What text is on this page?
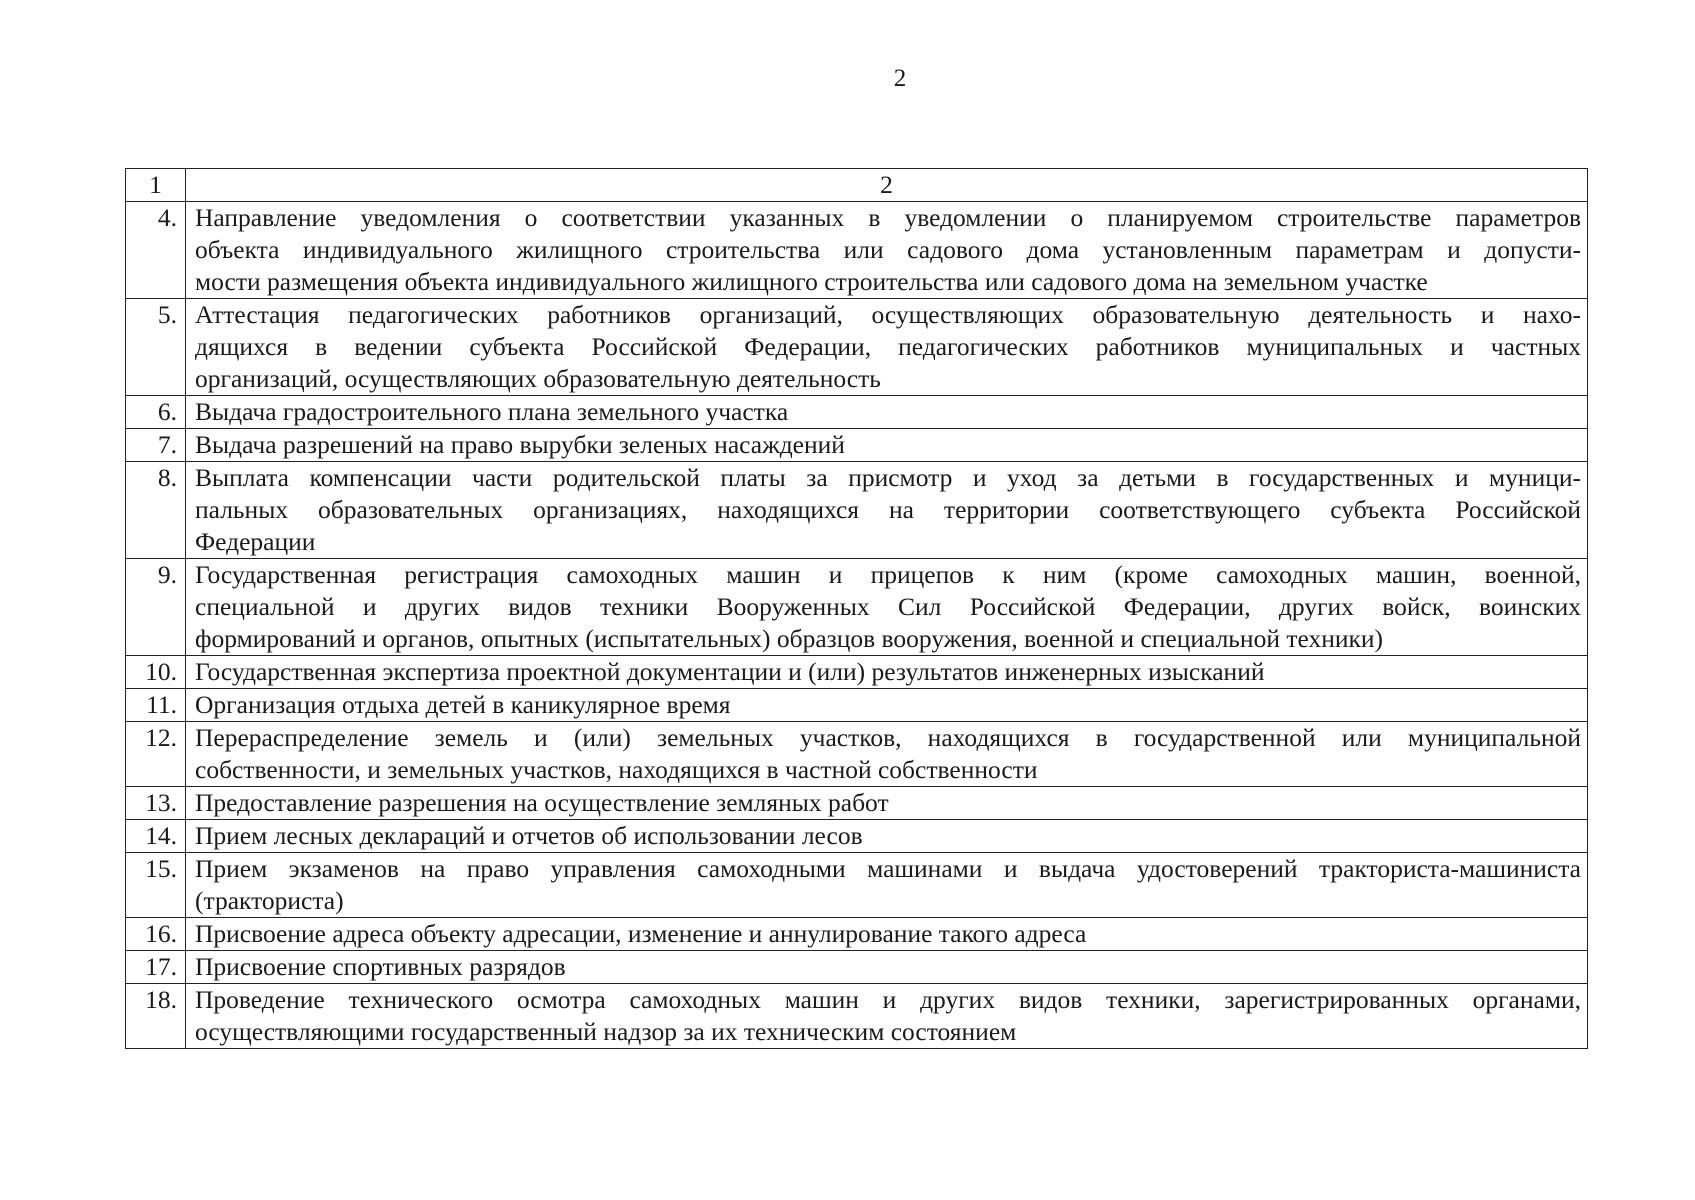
2
1	2
4.	Направление уведомления о соответствии указанных в уведомлении о планируемом строительстве параметров
объекта индивидуального жилищного строительства или садового дома установленным параметрам и допусти-
мости размещения объекта индивидуального жилищного строительства или садового дома на земельном участке

5.	Аттестация педагогических работников организаций, осуществляющих образовательную деятельность и нахо-
дящихся в ведении субъекта Российской Федерации, педагогических работников муниципальных и частных
организаций, осуществляющих образовательную деятельность

6.	Выдача градостроительного плана земельного участка

7.	Выдача разрешений на право вырубки зеленых насаждений

8.	Выплата компенсации части родительской платы за присмотр и уход за детьми в государственных и муници-
пальных образовательных организациях, находящихся на территории соответствующего субъекта Российской
Федерации

9.	Государственная регистрация самоходных машин и прицепов к ним (кроме самоходных машин, военной,
специальной и других видов техники Вооруженных Сил Российской Федерации, других войск, воинских
формирований и органов, опытных (испытательных) образцов вооружения, военной и специальной техники)

10.	Государственная экспертиза проектной документации и (или) результатов инженерных изысканий

11.	Организация отдыха детей в каникулярное время

12.	Перераспределение земель и (или) земельных участков, находящихся в государственной или муниципальной
собственности, и земельных участков, находящихся в частной собственности

13.	Предоставление разрешения на осуществление земляных работ

14.	Прием лесных деклараций и отчетов об использовании лесов

15.	Прием экзаменов на право управления самоходными машинами и выдача удостоверений тракториста-машиниста
(тракториста)

16.	Присвоение адреса объекту адресации, изменение и аннулирование такого адреса

17.	Присвоение спортивных разрядов

18.	Проведение технического осмотра самоходных машин и других видов техники, зарегистрированных органами,
осуществляющими государственный надзор за их техническим состоянием
